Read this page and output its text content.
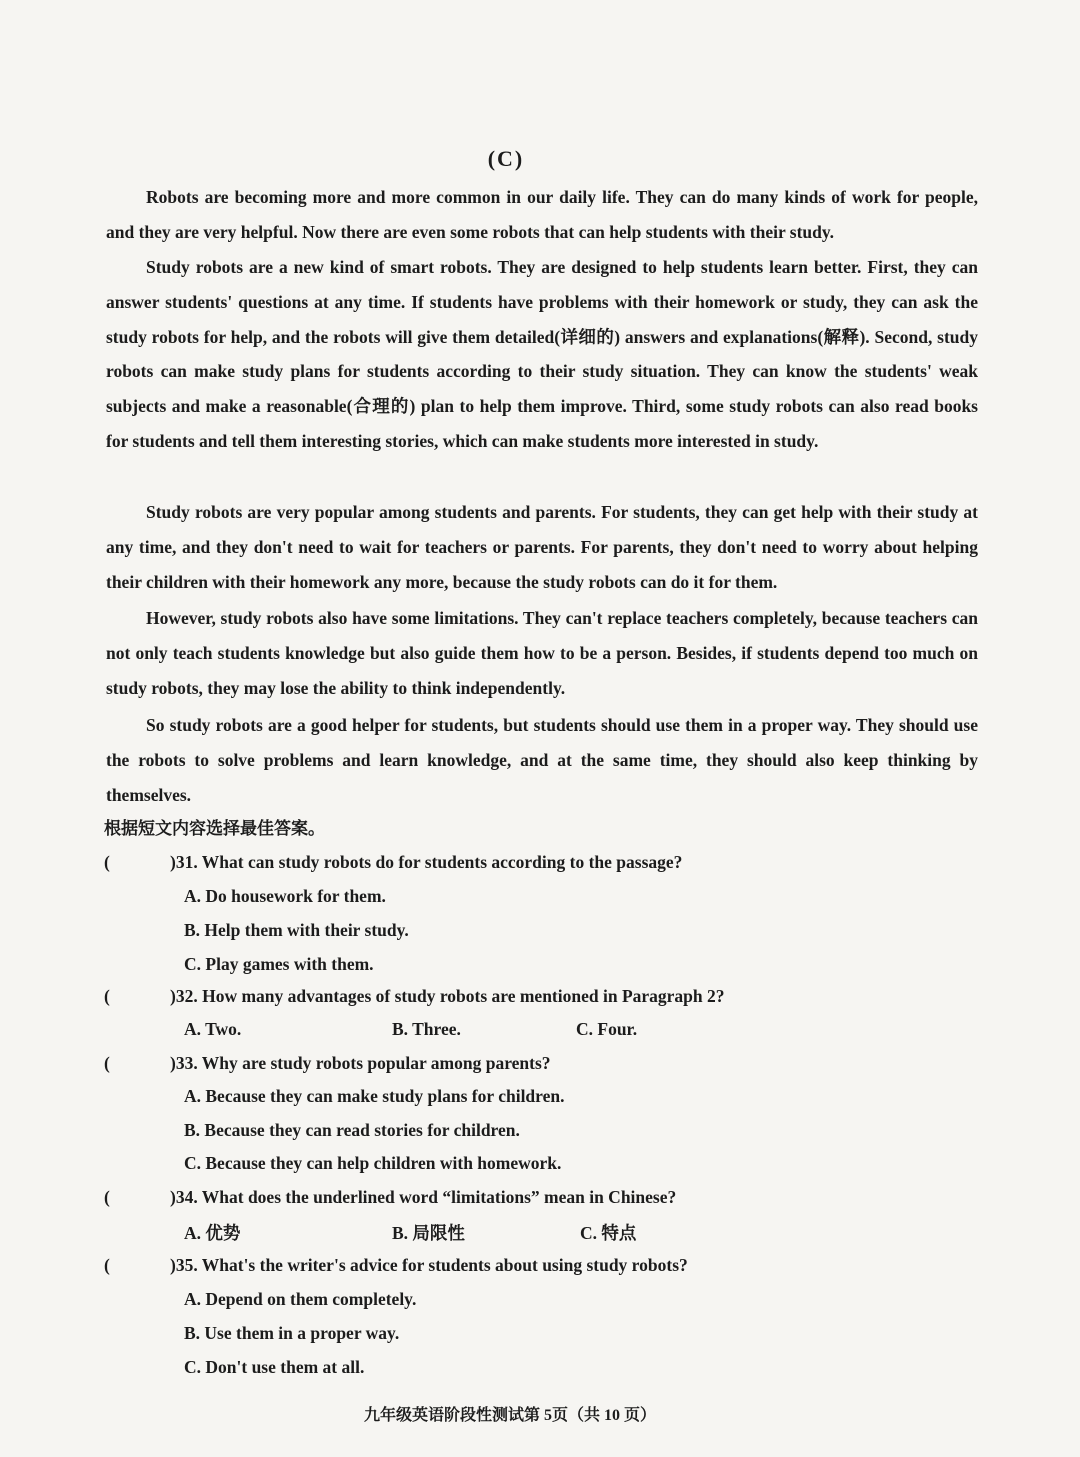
(C)

Robots are becoming more and more common in our daily life. They can do many kinds of work for people, and they are very helpful. Now there are even some robots that can help students with their study.

Study robots are a new kind of smart robots. They are designed to help students learn better. First, they can answer students' questions at any time. If students have problems with their homework or study, they can ask the study robots for help, and the robots will give them detailed(详细的) answers and explanations(解释). Second, study robots can make study plans for students according to their study situation. They can know the students' weak subjects and make a reasonable(合理的) plan to help them improve. Third, some study robots can also read books for students and tell them interesting stories, which can make students more interested in study.

Study robots are very popular among students and parents. For students, they can get help with their study at any time, and they don't need to wait for teachers or parents. For parents, they don't need to worry about helping their children with their homework any more, because the study robots can do it for them.

However, study robots also have some limitations. They can't replace teachers completely, because teachers can not only teach students knowledge but also guide them how to be a person. Besides, if students depend too much on study robots, they may lose the ability to think independently.

So study robots are a good helper for students, but students should use them in a proper way. They should use the robots to solve problems and learn knowledge, and at the same time, they should also keep thinking by themselves.

根据短文内容选择最佳答案。
(	)31. What can study robots do for students according to the passage?
A. Do housework for them.
B. Help them with their study.
C. Play games with them.
(	)32. How many advantages of study robots are mentioned in Paragraph 2?
A. Two.	B. Three.	C. Four.
(	)33. Why are study robots popular among parents?
A. Because they can make study plans for children.
B. Because they can read stories for children.
C. Because they can help children with homework.
(	)34. What does the underlined word “limitations” mean in Chinese?
A. 优势	B. 局限性	C. 特点
(	)35. What's the writer's advice for students about using study robots?
A. Depend on them completely.
B. Use them in a proper way.
C. Don't use them at all.
九年级英语阶段性测试第 5页（共 10 页）
